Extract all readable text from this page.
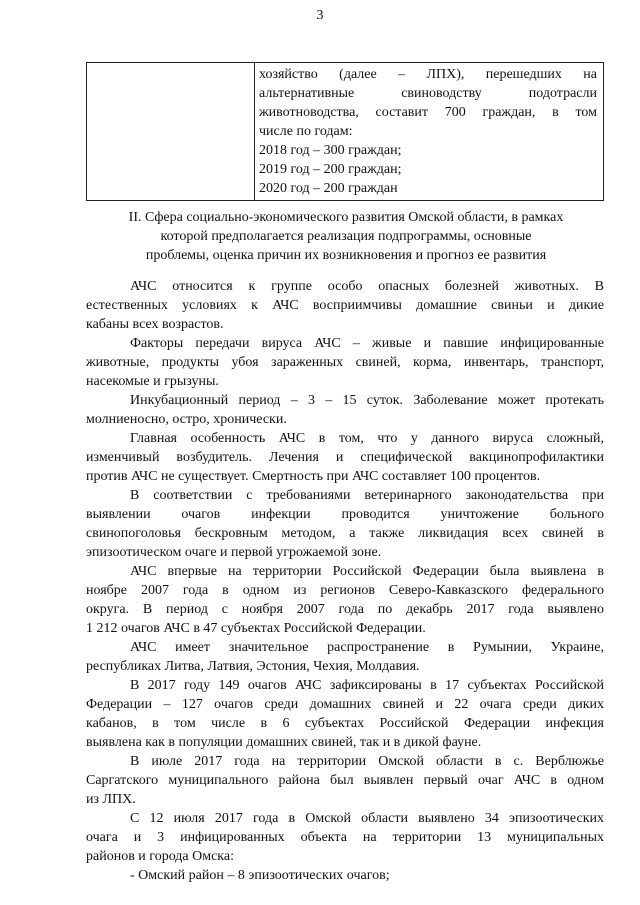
3

хозяйство (далее – ЛПХ), перешедших на
альтернативные свиноводству подотрасли
животноводства, составит 700 граждан, в том
числе по годам:
2018 год – 300 граждан;
2019 год – 200 граждан;
2020 год – 200 граждан
II. Сфера социально-экономического развития Омской области, в рамках
которой предполагается реализация подпрограммы, основные
проблемы, оценка причин их возникновения и прогноз ее развития
АЧС относится к группе особо опасных болезней животных. В
естественных условиях к АЧС восприимчивы домашние свиньи и дикие
кабаны всех возрастов.
Факторы передачи вируса АЧС – живые и павшие инфицированные
животные, продукты убоя зараженных свиней, корма, инвентарь, транспорт,
насекомые и грызуны.
Инкубационный период – 3 – 15 суток. Заболевание может протекать
молниеносно, остро, хронически.
Главная особенность АЧС в том, что у данного вируса сложный,
изменчивый возбудитель. Лечения и специфической вакцинопрофилактики
против АЧС не существует. Смертность при АЧС составляет 100 процентов.
В соответствии с требованиями ветеринарного законодательства при
выявлении очагов инфекции проводится уничтожение больного
свинопоголовья бескровным методом, а также ликвидация всех свиней в
эпизоотическом очаге и первой угрожаемой зоне.
АЧС впервые на территории Российской Федерации была выявлена в
ноябре 2007 года в одном из регионов Северо-Кавказского федерального
округа. В период с ноября 2007 года по декабрь 2017 года выявлено
1 212 очагов АЧС в 47 субъектах Российской Федерации.
АЧС имеет значительное распространение в Румынии, Украине,
республиках Литва, Латвия, Эстония, Чехия, Молдавия.
В 2017 году 149 очагов АЧС зафиксированы в 17 субъектах Российской
Федерации – 127 очагов среди домашних свиней и 22 очага среди диких
кабанов, в том числе в 6 субъектах Российской Федерации инфекция
выявлена как в популяции домашних свиней, так и в дикой фауне.
В июле 2017 года на территории Омской области в с. Верблюжье
Саргатского муниципального района был выявлен первый очаг АЧС в одном
из ЛПХ.
С 12 июля 2017 года в Омской области выявлено 34 эпизоотических
очага и 3 инфицированных объекта на территории 13 муниципальных
районов и города Омска:
- Омский район – 8 эпизоотических очагов;
